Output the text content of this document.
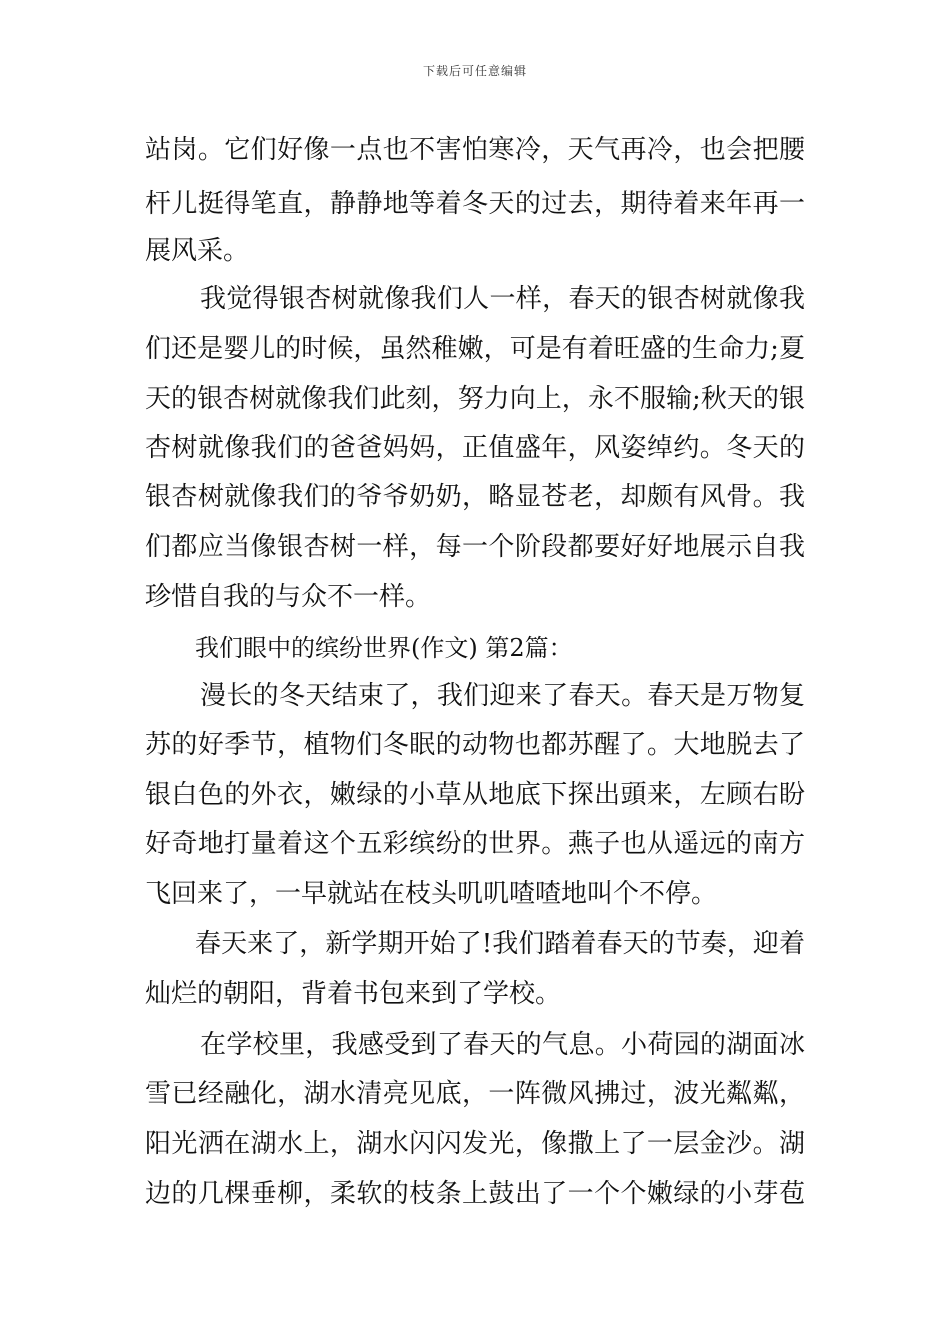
下载后可任意编辑
站岗。它们好像一点也不害怕寒冷，天气再冷，也会把腰
杆儿挺得笔直，静静地等着冬天的过去，期待着来年再一
展风采。
我觉得银杏树就像我们人一样，春天的银杏树就像我
们还是婴儿的时候，虽然稚嫩，可是有着旺盛的生命力;夏
天的银杏树就像我们此刻，努力向上，永不服输;秋天的银
杏树就像我们的爸爸妈妈，正值盛年，风姿绰约。冬天的
银杏树就像我们的爷爷奶奶，略显苍老，却颇有风骨。我
们都应当像银杏树一样，每一个阶段都要好好地展示自我
珍惜自我的与众不一样。
我们眼中的缤纷世界(作文) 第2篇：
漫长的冬天结束了，我们迎来了春天。春天是万物复
苏的好季节，植物们冬眠的动物也都苏醒了。大地脱去了
银白色的外衣，嫩绿的小草从地底下探出頭来，左顾右盼
好奇地打量着这个五彩缤纷的世界。燕子也从遥远的南方
飞回来了，一早就站在枝头叽叽喳喳地叫个不停。
春天来了，新学期开始了!我们踏着春天的节奏，迎着
灿烂的朝阳，背着书包来到了学校。
在学校里，我感受到了春天的气息。小荷园的湖面冰
雪已经融化，湖水清亮见底，一阵微风拂过，波光粼粼，
阳光洒在湖水上，湖水闪闪发光，像撒上了一层金沙。湖
边的几棵垂柳，柔软的枝条上鼓出了一个个嫩绿的小芽苞
